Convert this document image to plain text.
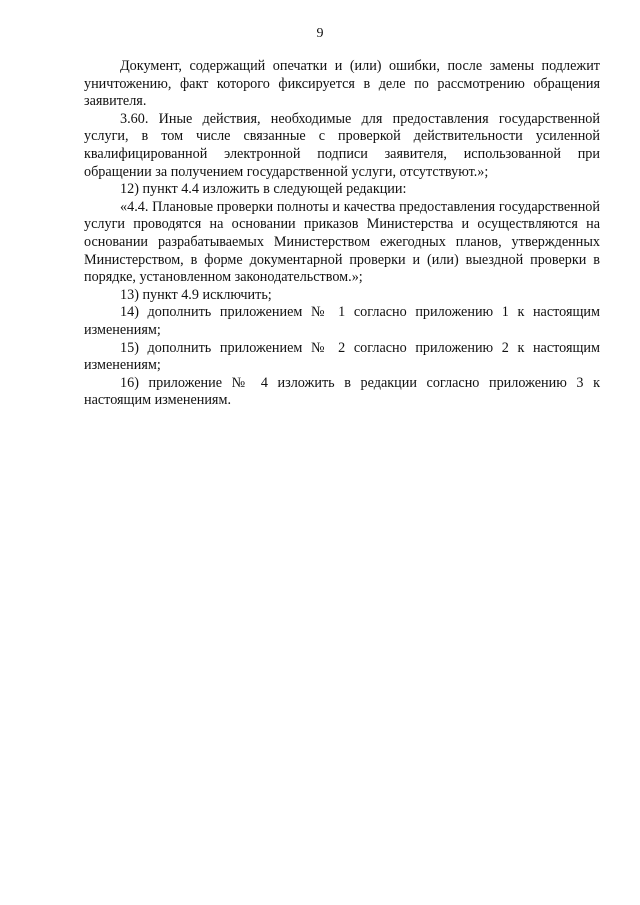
9

Документ, содержащий опечатки и (или) ошибки, после замены подлежит уничтожению, факт которого фиксируется в деле по рассмотрению обращения заявителя.

3.60. Иные действия, необходимые для предоставления государственной услуги, в том числе связанные с проверкой действительности усиленной квалифицированной электронной подписи заявителя, использованной при обращении за получением государственной услуги, отсутствуют.»;

12) пункт 4.4 изложить в следующей редакции:

«4.4. Плановые проверки полноты и качества предоставления государственной услуги проводятся на основании приказов Министерства и осуществляются на основании разрабатываемых Министерством ежегодных планов, утвержденных Министерством, в форме документарной проверки и (или) выездной проверки в порядке, установленном законодательством.»;

13) пункт 4.9 исключить;

14) дополнить приложением № 1 согласно приложению 1 к настоящим изменениям;

15) дополнить приложением № 2 согласно приложению 2 к настоящим изменениям;

16) приложение № 4 изложить в редакции согласно приложению 3 к настоящим изменениям.
